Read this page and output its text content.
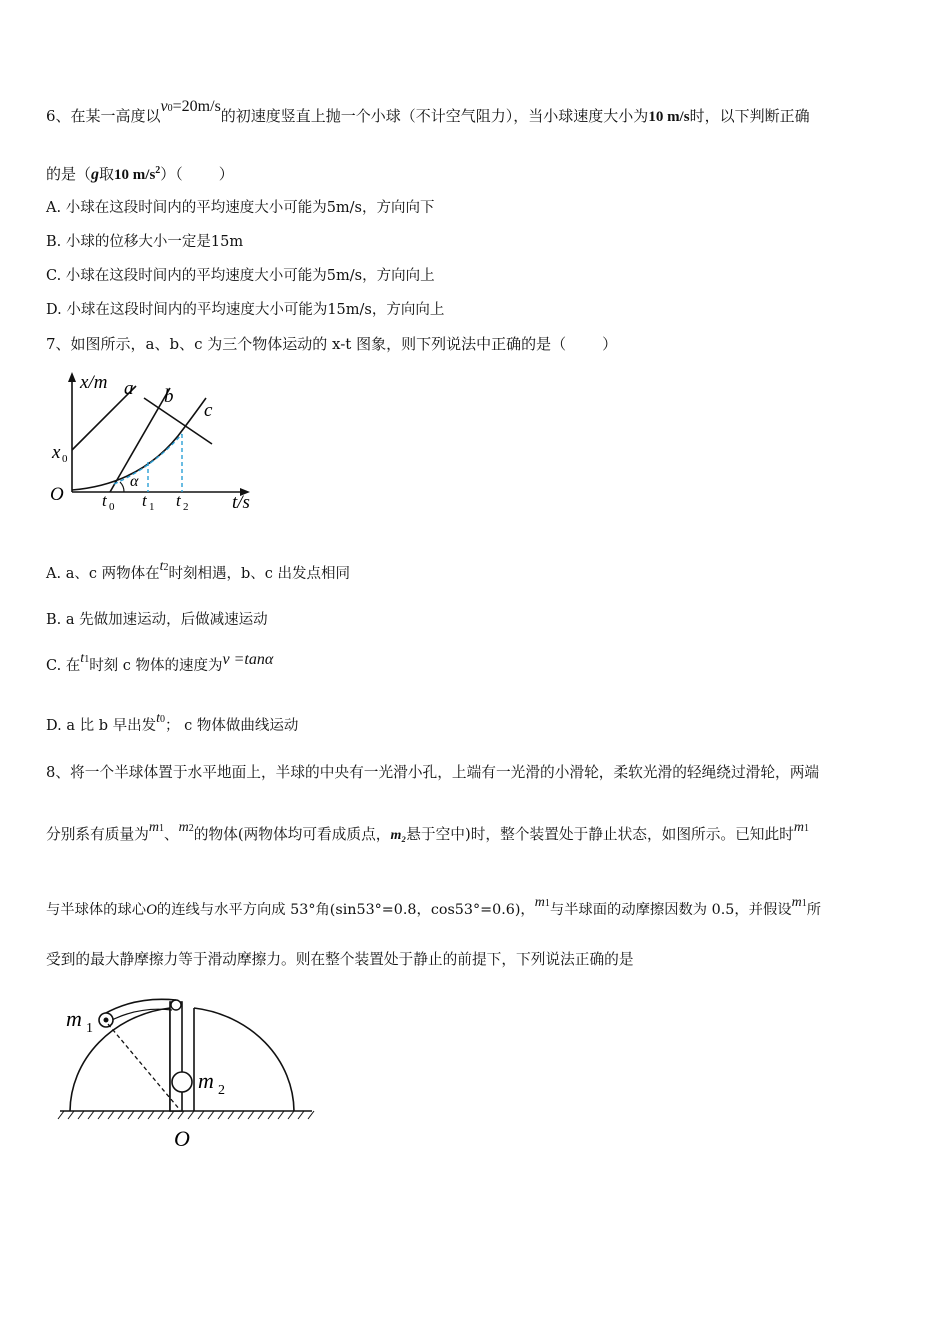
6、在某一高度以v0=20m/s的初速度竖直上抛一个小球（不计空气阻力），当小球速度大小为10 m/s时，以下判断正确
的是（g取10 $m/s^2$）（ ）
A. 小球在这段时间内的平均速度大小可能为5m/s，方向向下
B. 小球的位移大小一定是15m
C. 小球在这段时间内的平均速度大小可能为5m/s，方向向上
D. 小球在这段时间内的平均速度大小可能为15m/s，方向向上
7、如图所示，a、b、c 为三个物体运动的 x-t 图象，则下列说法中正确的是（ ）
x/m
t/s
O
x 0
a b
c
α
t 0 t 1 t 2
A. a、c 两物体在t2时刻相遇，b、c 出发点相同
B. a 先做加速运动，后做减速运动
C. 在t1时刻 c 物体的速度为v =tanα
D. a 比 b 早出发t0； c 物体做曲线运动
8、将一个半球体置于水平地面上，半球的中央有一光滑小孔，上端有一光滑的小滑轮，柔软光滑的轻绳绕过滑轮，两端
分别系有质量为m1、m2的物体(两物体均可看成质点，m₂悬于空中)时，整个装置处于静止状态，如图所示。已知此时m1
与半球体的球心O的连线与水平方向成 53°角(sin53°=0.8，cos53°=0.6)，m1与半球面的动摩擦因数为 0.5，并假设m1所
受到的最大静摩擦力等于滑动摩擦力。则在整个装置处于静止的前提下，下列说法正确的是
m 1
m 2
O
